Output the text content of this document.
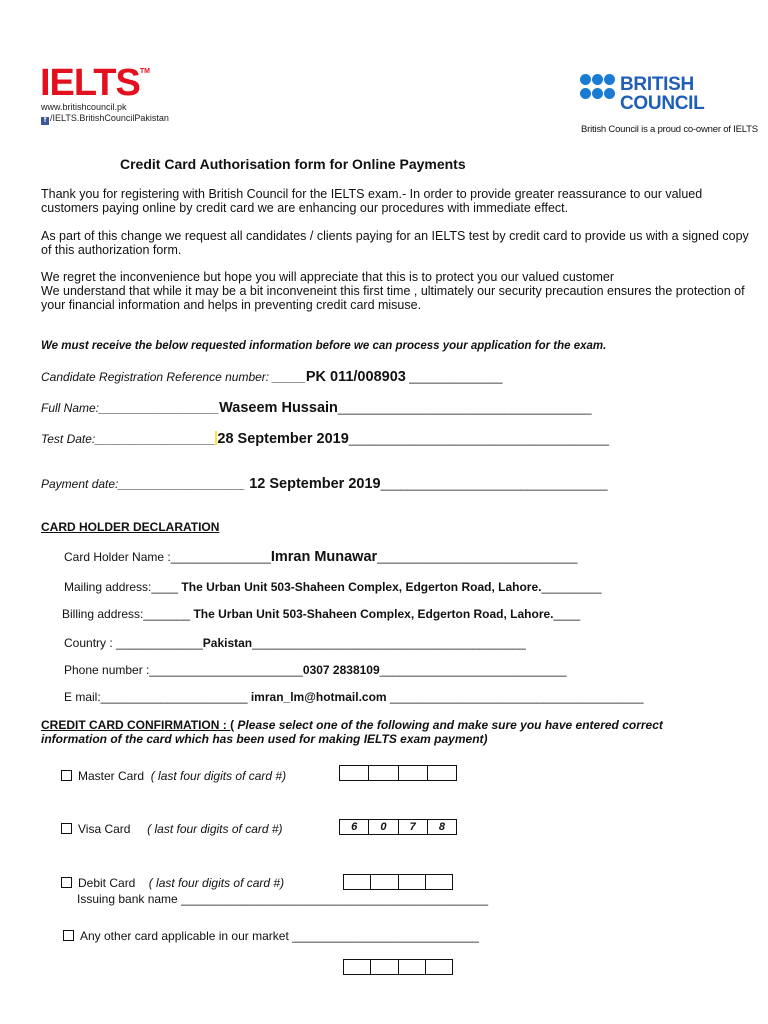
IELTS™
www.britishcouncil.pk
f /IELTS.BritishCouncilPakistan
BRITISH
COUNCIL
British Council is a proud co-owner of IELTS
Credit Card Authorisation form for Online Payments
Thank you for registering with British Council for the IELTS exam.- In order to provide greater reassurance to our valued customers paying online by credit card we are enhancing our procedures with immediate effect.
As part of this change we request all candidates / clients paying for an IELTS test by credit card to provide us with a signed copy of this authorization form.
We regret the inconvenience but hope you will appreciate that this is to protect you our valued customer
We understand that while it may be a bit inconveneint this first time , ultimately our security precaution ensures the protection of your financial information and helps in preventing credit card misuse.
We must receive the below requested information before we can process your application for the exam.
Candidate Registration Reference number: _____PK 011/008903 ______________
Full Name:__________________Waseem Hussain______________________________________
Test Date:__________________ 28 September 2019_______________________________________
Payment date:___________________ 12 September 2019__________________________________
CARD HOLDER DECLARATION
Card Holder Name :_______________Imran Munawar______________________________
Mailing address:____ The Urban Unit 503-Shaheen Complex, Edgerton Road, Lahore._________
Billing address:_______ The Urban Unit 503-Shaheen Complex, Edgerton Road, Lahore.____
Country : _____________Pakistan_________________________________________
Phone number :_______________________0307 2838109____________________________
E mail:______________________ imran_lm@hotmail.com ______________________________________
CREDIT CARD CONFIRMATION : ( Please select one of the following and make sure you have entered correct
information of the card which has been used for making IELTS exam payment)
Master Card ( last four digits of card #)
Visa Card ( last four digits of card #)	6	0	7	8
Debit Card ( last four digits of card #)
Issuing bank name ______________________________________________
Any other card applicable in our market ____________________________
